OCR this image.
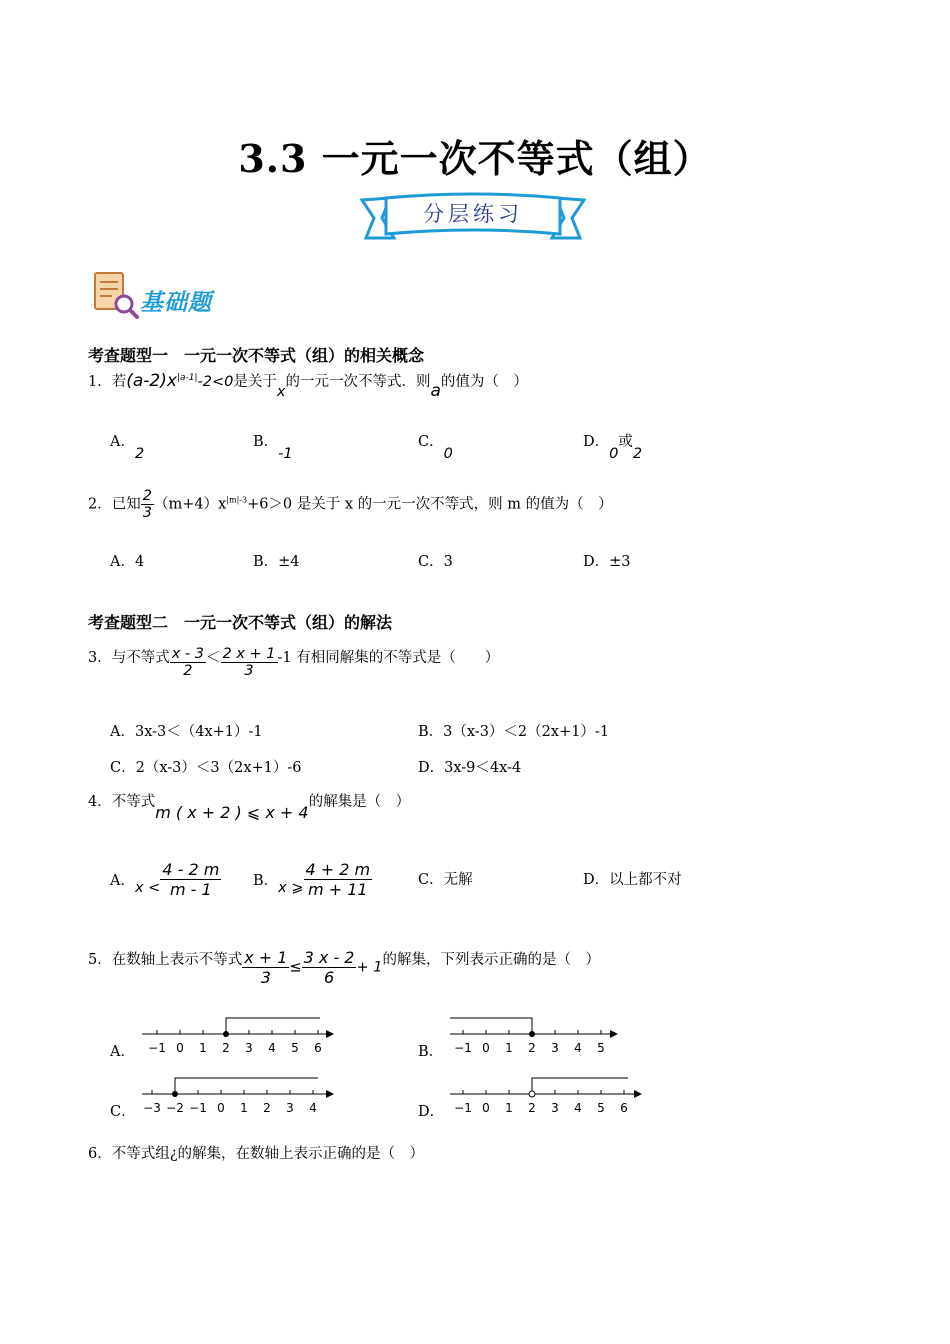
3.3 一元一次不等式（组）
分层练习
基础题
考查题型一　一元一次不等式（组）的相关概念
1．若$(a-2)x^{|a-1|}-2<0$是关于x的一元一次不等式．则a的值为（　）
A．2
B．-1
C．0
D．0或2
2．已知 $\frac{2}{3} (m+4)x^{|m|-3}+6>0$ 是关于 x 的一元一次不等式，则 m 的值为（　）
A．4	B．±4	C．3	D．±3
考查题型二　一元一次不等式（组）的解法
3．与不等式 $\frac{x - 3}{2} < \frac{2 x + 1}{3} -1$ 有相同解集的不等式是（　　）
A．3x-3＜（4x+1）-1	B．3（x-3）＜2（2x+1）-1
C．2（x-3）＜3（2x+1）-6	D．3x-9＜4x-4
4．不等式m ( x + 2 ) ⩽ x + 4的解集是（　）
A．$x < \frac{4 - 2 m}{m - 1}$ B．x ⩾ $\frac{4 + 2 m}{m + 11}$	C．无解	D．以上都不对
5．在数轴上表示不等式 $\frac{x + 1}{3} \le \frac{3 x - 2}{6} + 1$的解集，下列表示正确的是（　）
A． −1 0 1 2 3 4 5 6	B． −1 0 1 2 3 4 5
C． −3 −2 −1 0 1 2 3 4	D． −1 0 1 2 3 4 5 6
6．不等式组¿的解集，在数轴上表示正确的是（　）
